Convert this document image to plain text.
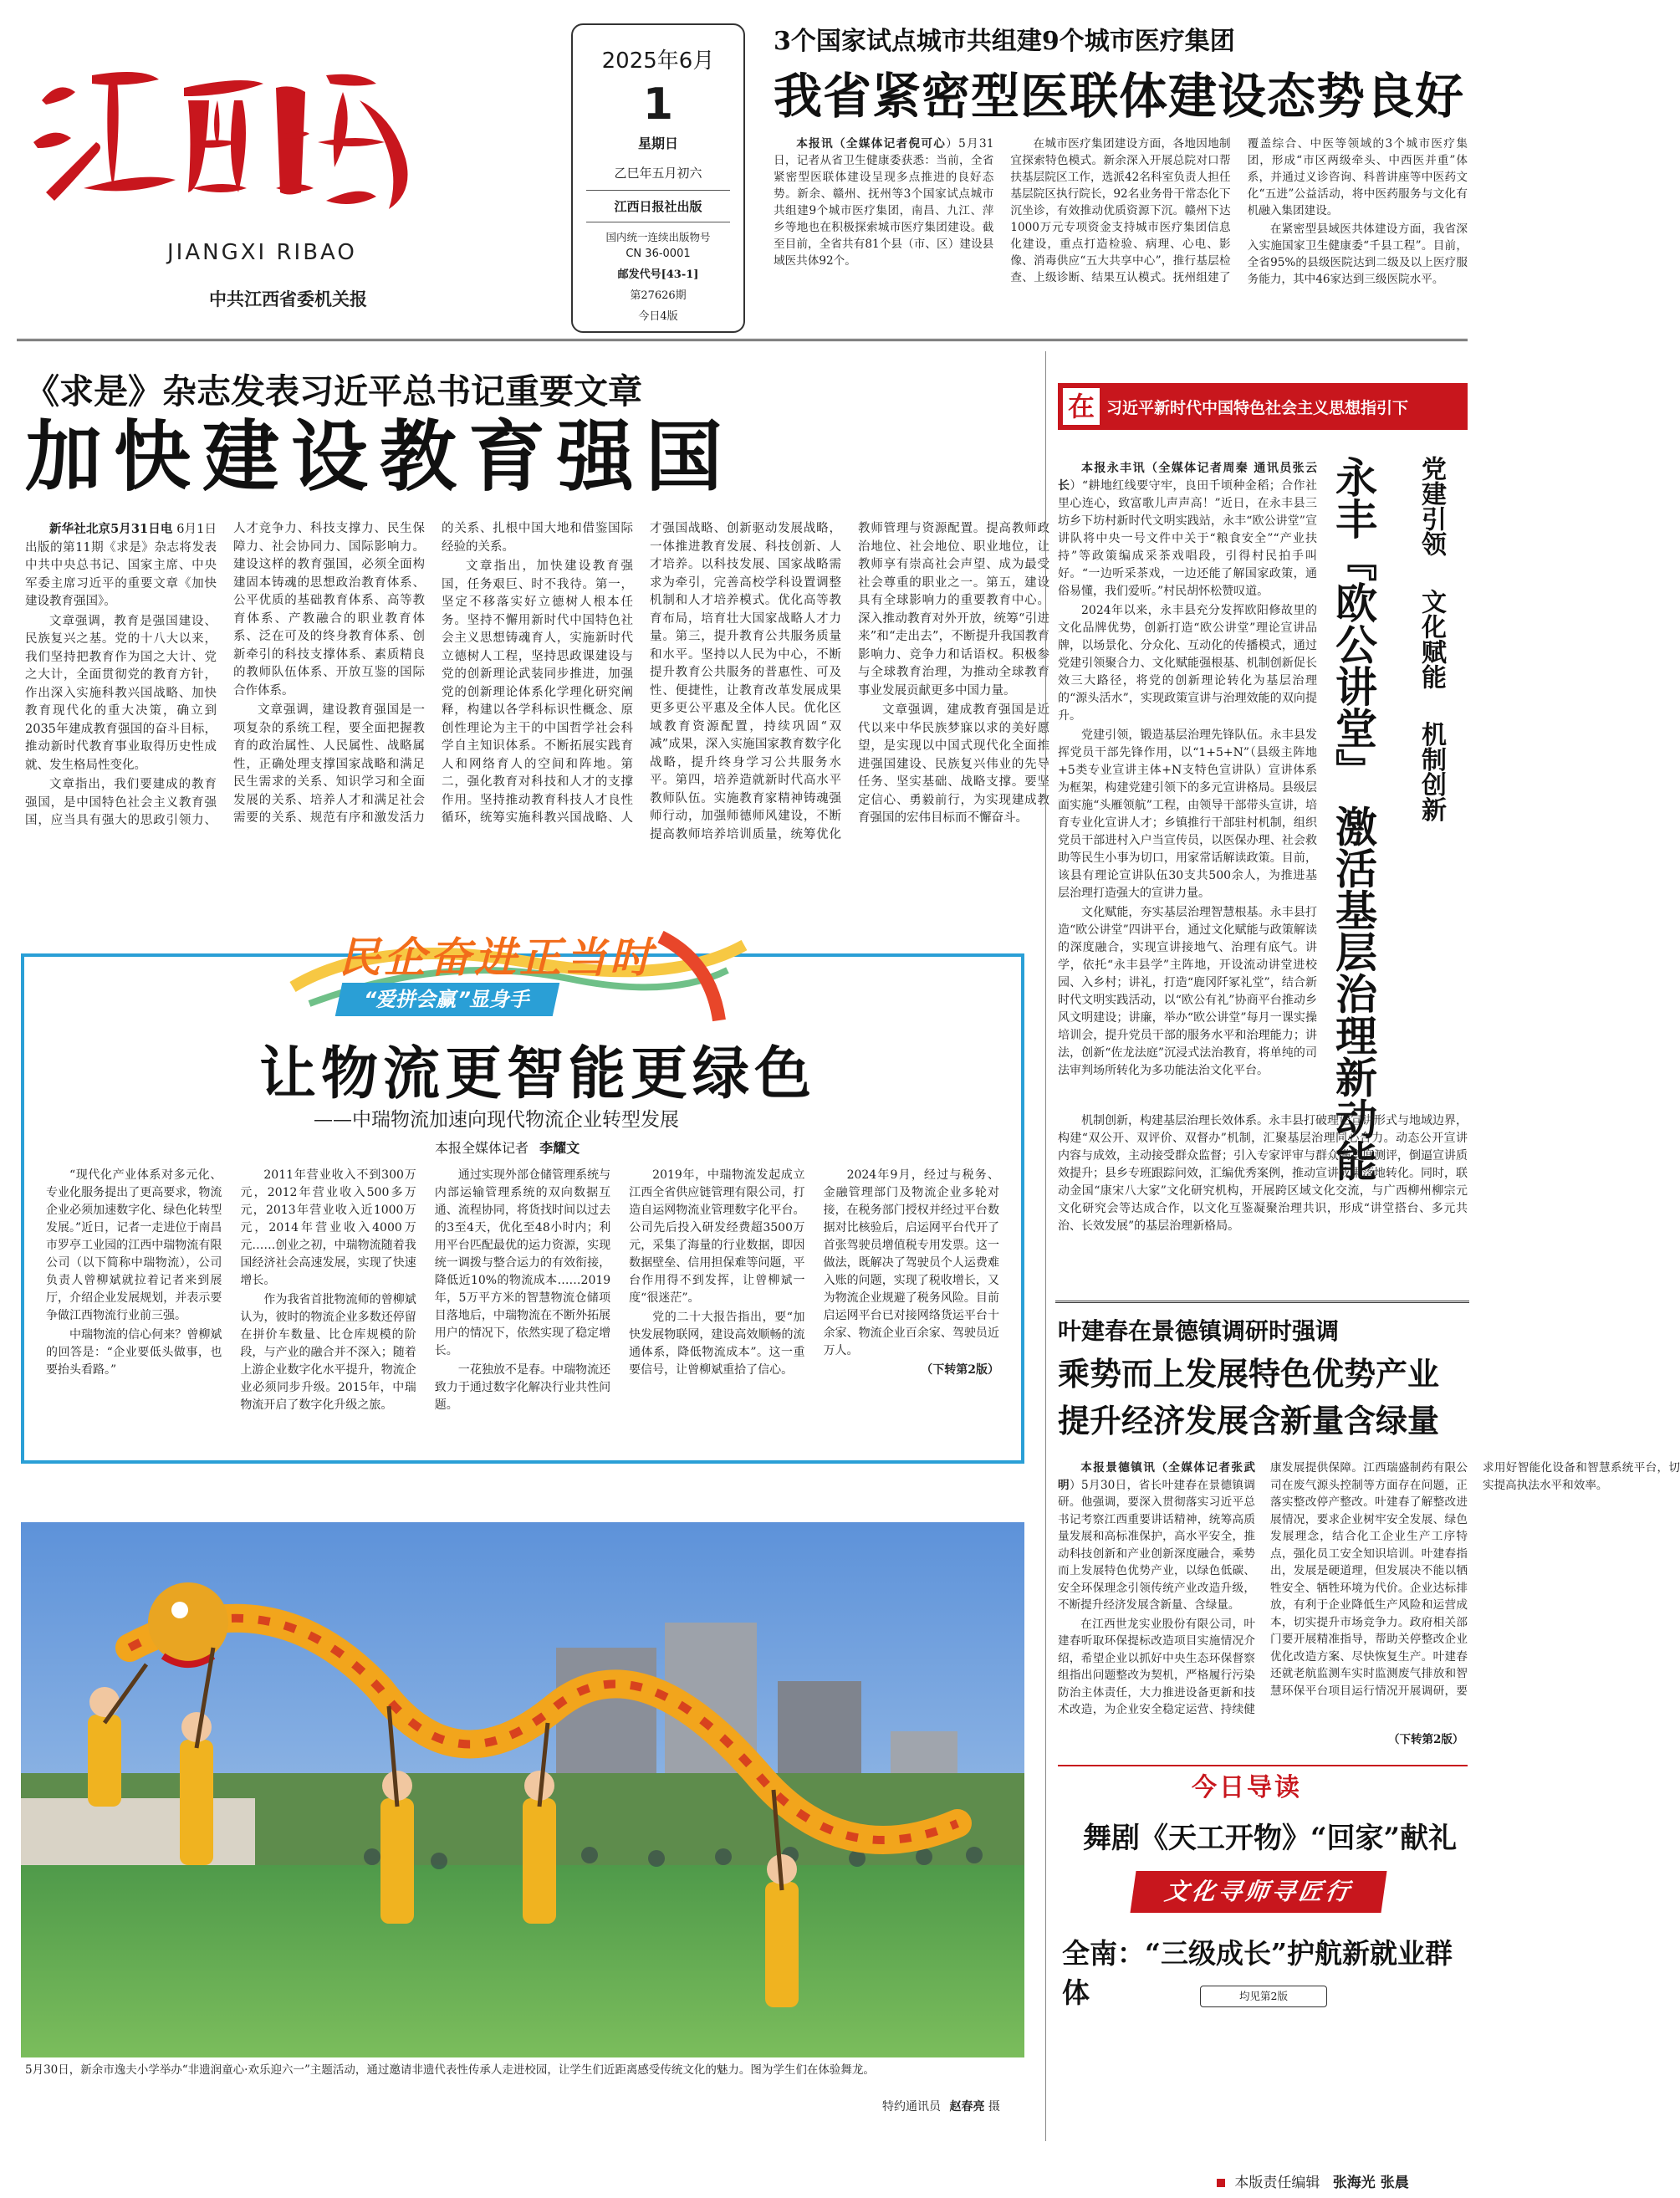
JIANGXI RIBAO
中共江西省委机关报
2025年6月
1
星期日
乙巳年五月初六
江西日报社出版
国内统一连续出版物号
CN 36-0001
邮发代号[43-1]
第27626期
今日4版
3个国家试点城市共组建9个城市医疗集团
我省紧密型医联体建设态势良好

本报讯（全媒体记者倪可心）5月31日，记者从省卫生健康委获悉：当前，全省紧密型医联体建设呈现多点推进的良好态势。新余、赣州、抚州等3个国家试点城市共组建9个城市医疗集团，南昌、九江、萍乡等地也在积极探索城市医疗集团建设。截至目前，全省共有81个县（市、区）建设县域医共体92个。

在城市医疗集团建设方面，各地因地制宜探索特色模式。新余深入开展总院对口帮扶基层院区工作，选派42名科室负责人担任基层院区执行院长，92名业务骨干常态化下沉坐诊，有效推动优质资源下沉。赣州下达1000万元专项资金支持城市医疗集团信息化建设，重点打造检验、病理、心电、影像、消毒供应“五大共享中心”，推行基层检查、上级诊断、结果互认模式。抚州组建了覆盖综合、中医等领域的3个城市医疗集团，形成“市区两级牵头、中西医并重”体系，并通过义诊咨询、科普讲座等中医药文化“五进”公益活动，将中医药服务与文化有机融入集团建设。

在紧密型县域医共体建设方面，我省深入实施国家卫生健康委“千县工程”。目前，全省95%的县级医院达到二级及以上医疗服务能力，其中46家达到三级医院水平。

《求是》杂志发表习近平总书记重要文章
加快建设教育强国

新华社北京5月31日电 6月1日出版的第11期《求是》杂志将发表中共中央总书记、国家主席、中央军委主席习近平的重要文章《加快建设教育强国》。

文章强调，教育是强国建设、民族复兴之基。党的十八大以来，我们坚持把教育作为国之大计、党之大计，全面贯彻党的教育方针，作出深入实施科教兴国战略、加快教育现代化的重大决策，确立到2035年建成教育强国的奋斗目标，推动新时代教育事业取得历史性成就、发生格局性变化。

文章指出，我们要建成的教育强国，是中国特色社会主义教育强国，应当具有强大的思政引领力、人才竞争力、科技支撑力、民生保障力、社会协同力、国际影响力。建设这样的教育强国，必须全面构建固本铸魂的思想政治教育体系、公平优质的基础教育体系、高等教育体系、产教融合的职业教育体系、泛在可及的终身教育体系、创新牵引的科技支撑体系、素质精良的教师队伍体系、开放互鉴的国际合作体系。

文章强调，建设教育强国是一项复杂的系统工程，要全面把握教育的政治属性、人民属性、战略属性，正确处理支撑国家战略和满足民生需求的关系、知识学习和全面发展的关系、培养人才和满足社会需要的关系、规范有序和激发活力的关系、扎根中国大地和借鉴国际经验的关系。

文章指出，加快建设教育强国，任务艰巨、时不我待。第一，坚定不移落实好立德树人根本任务。坚持不懈用新时代中国特色社会主义思想铸魂育人，实施新时代立德树人工程，坚持思政课建设与党的创新理论武装同步推进，加强党的创新理论体系化学理化研究阐释，构建以各学科标识性概念、原创性理论为主干的中国哲学社会科学自主知识体系。不断拓展实践育人和网络育人的空间和阵地。第二，强化教育对科技和人才的支撑作用。坚持推动教育科技人才良性循环，统筹实施科教兴国战略、人才强国战略、创新驱动发展战略，一体推进教育发展、科技创新、人才培养。以科技发展、国家战略需求为牵引，完善高校学科设置调整机制和人才培养模式。优化高等教育布局，培育壮大国家战略人才力量。第三，提升教育公共服务质量和水平。坚持以人民为中心，不断提升教育公共服务的普惠性、可及性、便捷性，让教育改革发展成果更多更公平惠及全体人民。优化区域教育资源配置，持续巩固“双减”成果，深入实施国家教育数字化战略，提升终身学习公共服务水平。第四，培养造就新时代高水平教师队伍。实施教育家精神铸魂强师行动，加强师德师风建设，不断提高教师培养培训质量，统筹优化教师管理与资源配置。提高教师政治地位、社会地位、职业地位，让教师享有崇高社会声望、成为最受社会尊重的职业之一。第五，建设具有全球影响力的重要教育中心。深入推动教育对外开放，统筹“引进来”和“走出去”，不断提升我国教育影响力、竞争力和话语权。积极参与全球教育治理，为推动全球教育事业发展贡献更多中国力量。

文章强调，建成教育强国是近代以来中华民族梦寐以求的美好愿望，是实现以中国式现代化全面推进强国建设、民族复兴伟业的先导任务、坚实基础、战略支撑。要坚定信心、勇毅前行，为实现建成教育强国的宏伟目标而不懈奋斗。

民企奋进正当时
“爱拼会赢”显身手
让物流更智能更绿色
——中瑞物流加速向现代物流企业转型发展
本报全媒体记者 李耀文

“现代化产业体系对多元化、专业化服务提出了更高要求，物流企业必须加速数字化、绿色化转型发展。”近日，记者一走进位于南昌市罗亭工业园的江西中瑞物流有限公司（以下简称中瑞物流），公司负责人曾柳斌就拉着记者来到展厅，介绍企业发展规划，并表示要争做江西物流行业前三强。

中瑞物流的信心何来？曾柳斌的回答是：“企业要低头做事，也要抬头看路。”

2011年营业收入不到300万元，2012年营业收入500多万元，2013年营业收入近1000万元，2014年营业收入4000万元……创业之初，中瑞物流随着我国经济社会高速发展，实现了快速增长。

作为我省首批物流师的曾柳斌认为，彼时的物流企业多数还停留在拼价车数量、比仓库规模的阶段，与产业的融合并不深入；随着上游企业数字化水平提升，物流企业必须同步升级。2015年，中瑞物流开启了数字化升级之旅。

通过实现外部仓储管理系统与内部运输管理系统的双向数据互通、流程协同，将货找时间以过去的3至4天，优化至48小时内；利用平台匹配最优的运力资源，实现统一调拨与整合运力的有效衔接，降低近10%的物流成本……2019年，5万平方米的智慧物流仓储项目落地后，中瑞物流在不断外拓展用户的情况下，依然实现了稳定增长。

一花独放不是春。中瑞物流还致力于通过数字化解决行业共性问题。

2019年，中瑞物流发起成立江西全省供应链管理有限公司，打造自运网物流业管理数字化平台。公司先后投入研发经费超3500万元，采集了海量的行业数据，即因数据壁垒、信用担保难等问题，平台作用得不到发挥，让曾柳斌一度“很迷茫”。

党的二十大报告指出，要“加快发展物联网，建设高效顺畅的流通体系，降低物流成本”。这一重要信号，让曾柳斌重拾了信心。

2024年9月，经过与税务、金融管理部门及物流企业多轮对接，在税务部门授权并经过平台数据对比核验后，启运网平台代开了首张驾驶员增值税专用发票。这一做法，既解决了驾驶员个人运费难入账的问题，实现了税收增长，又为物流企业规避了税务风险。目前启运网平台已对接网络货运平台十余家、物流企业百余家、驾驶员近万人。

（下转第2版）

5月30日，新余市逸夫小学举办“非遗润童心·欢乐迎六一”主题活动，通过邀请非遗代表性传承人走进校园，让学生们近距离感受传统文化的魅力。图为学生们在体验舞龙。
特约通讯员 赵春亮 摄
在 习近平新时代中国特色社会主义思想指引下
党建引领  文化赋能  机制创新
永丰『欧公讲堂』 激活基层治理新动能

本报永丰讯（全媒体记者周秦 通讯员张云长）“耕地红线要守牢，良田千顷种金稻；合作社里心连心，致富歌儿声声高！”近日，在永丰县三坊乡下坊村新时代文明实践站，永丰“欧公讲堂”宣讲队将中央一号文件中关于“粮食安全”“产业扶持”等政策编成采茶戏唱段，引得村民拍手叫好。“一边听采茶戏，一边还能了解国家政策，通俗易懂，我们爱听。”村民胡怀松赞叹道。

2024年以来，永丰县充分发挥欧阳修故里的文化品牌优势，创新打造“欧公讲堂”理论宣讲品牌，以场景化、分众化、互动化的传播模式，通过党建引领聚合力、文化赋能强根基、机制创新促长效三大路径，将党的创新理论转化为基层治理的“源头活水”，实现政策宣讲与治理效能的双向提升。

党建引领，锻造基层治理先锋队伍。永丰县发挥党员干部先锋作用，以“1+5+N”（县级主阵地+5类专业宣讲主体+N支特色宣讲队）宣讲体系为框架，构建党建引领下的多元宣讲格局。县级层面实施“头雁领航”工程，由领导干部带头宣讲，培育专业化宣讲人才；乡镇推行干部驻村机制，组织党员干部进村入户当宣传员，以医保办理、社会救助等民生小事为切口，用家常话解读政策。目前，该县有理论宣讲队伍30支共500余人，为推进基层治理打造强大的宣讲力量。

文化赋能，夯实基层治理智慧根基。永丰县打造“欧公讲堂”四讲平台，通过文化赋能与政策解读的深度融合，实现宣讲接地气、治理有底气。讲学，依托“永丰县学”主阵地，开设流动讲堂进校园、入乡村；讲礼，打造“鹿冈阡冢礼堂”，结合新时代文明实践活动，以“欧公有礼”协商平台推动乡风文明建设；讲廉，举办“欧公讲堂”每月一课实操培训会，提升党员干部的服务水平和治理能力；讲法，创新“佐龙法庭”沉浸式法治教育，将单纯的司法审判场所转化为多功能法治文化平台。

机制创新，构建基层治理长效体系。永丰县打破理论宣讲形式与地域边界，构建“双公开、双评价、双督办”机制，汇聚基层治理同心合力。动态公开宣讲内容与成效，主动接受群众监督；引入专家评审与群众满意度测评，倒逼宣讲质效提升；县乡专班跟踪问效，汇编优秀案例，推动宣讲成果落地转化。同时，联动金国“康宋八大家”文化研究机构，开展跨区域文化交流，与广西柳州柳宗元文化研究会等达成合作，以文化互鉴凝聚治理共识，形成“讲堂搭台、多元共治、长效发展”的基层治理新格局。

叶建春在景德镇调研时强调
乘势而上发展特色优势产业
提升经济发展含新量含绿量

本报景德镇讯（全媒体记者张武明）5月30日，省长叶建春在景德镇调研。他强调，要深入贯彻落实习近平总书记考察江西重要讲话精神，统筹高质量发展和高标准保护，高水平安全，推动科技创新和产业创新深度融合，乘势而上发展特色优势产业，以绿色低碳、安全环保理念引领传统产业改造升级，不断提升经济发展含新量、含绿量。

在江西世龙实业股份有限公司，叶建春听取环保提标改造项目实施情况介绍，希望企业以抓好中央生态环保督察组指出问题整改为契机，严格履行污染防治主体责任，大力推进设备更新和技术改造，为企业安全稳定运营、持续健康发展提供保障。江西瑞盛制药有限公司在废气源头控制等方面存在问题，正落实整改停产整改。叶建春了解整改进展情况，要求企业树牢安全发展、绿色发展理念，结合化工企业生产工序特点，强化员工安全知识培训。叶建春指出，发展是硬道理，但发展决不能以牺牲安全、牺牲环境为代价。企业达标排放，有利于企业降低生产风险和运营成本，切实提升市场竞争力。政府相关部门要开展精准指导，帮助关停整改企业优化改造方案、尽快恢复生产。叶建春还就老航监测车实时监测废气排放和智慧环保平台项目运行情况开展调研，要求用好智能化设备和智慧系统平台，切实提高执法水平和效率。

（下转第2版）
今日导读
舞剧《天工开物》“回家”献礼
文化寻师寻匠行
全南：“三级成长”护航新就业群体	均见第2版
本版责任编辑 张海光 张晨
